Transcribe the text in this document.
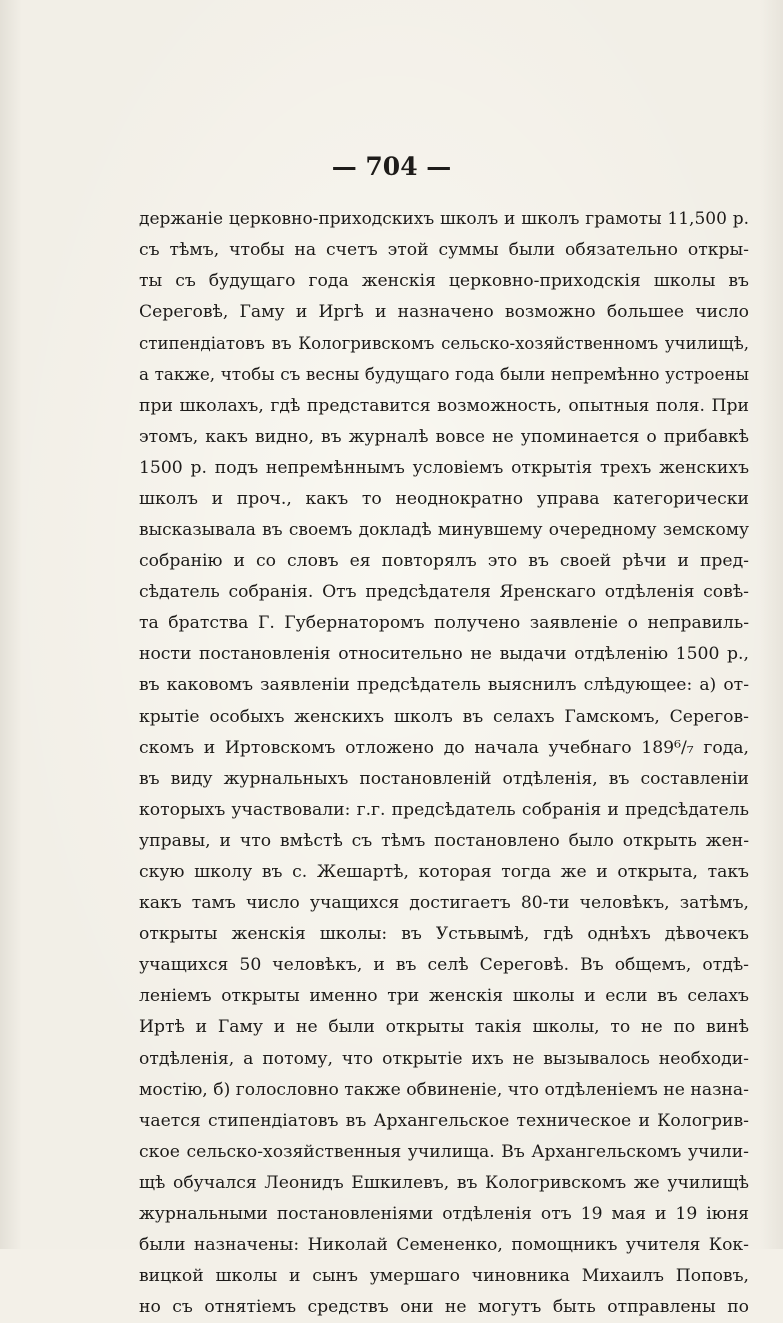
— 704 —
держаніе церковно-приходскихъ школъ и школъ грамоты 11,500 р.
съ тѣмъ, чтобы на счетъ этой суммы были обязательно откры-
ты съ будущаго года женскія церковно-приходскія школы въ
Сереговѣ, Гаму и Иргѣ и назначено возможно большее число
стипендіатовъ въ Кологривскомъ сельско-хозяйственномъ училищѣ,
а также, чтобы съ весны будущаго года были непремѣнно устроены
при школахъ, гдѣ представится возможность, опытныя поля. При
этомъ, какъ видно, въ журналѣ вовсе не упоминается о прибавкѣ
1500 р. подъ непремѣннымъ условіемъ открытія трехъ женскихъ
школъ и проч., какъ то неоднократно управа категорически
высказывала въ своемъ докладѣ минувшему очередному земскому
собранію и со словъ ея повторялъ это въ своей рѣчи и пред-
сѣдатель собранія. Отъ предсѣдателя Яренскаго отдѣленія совѣ-
та братства Г. Губернаторомъ получено заявленіе о неправиль-
ности постановленія относительно не выдачи отдѣленію 1500 р.,
въ каковомъ заявленіи предсѣдатель выяснилъ слѣдующее: а) от-
крытіе особыхъ женскихъ школъ въ селахъ Гамскомъ, Серегов-
скомъ и Иртовскомъ отложено до начала учебнаго 189⁶/₇ года,
въ виду журнальныхъ постановленій отдѣленія, въ составленіи
которыхъ участвовали: г.г. предсѣдатель собранія и предсѣдатель
управы, и что вмѣстѣ съ тѣмъ постановлено было открыть жен-
скую школу въ с. Жешартѣ, которая тогда же и открыта, такъ
какъ тамъ число учащихся достигаетъ 80-ти человѣкъ, затѣмъ,
открыты женскія школы: въ Устьвымѣ, гдѣ однѣхъ дѣвочекъ
учащихся 50 человѣкъ, и въ селѣ Сереговѣ. Въ общемъ, отдѣ-
леніемъ открыты именно три женскія школы и если въ селахъ
Иртѣ и Гаму и не были открыты такія школы, то не по винѣ
отдѣленія, а потому, что открытіе ихъ не вызывалось необходи-
мостію, б) голословно также обвиненіе, что отдѣленіемъ не назна-
чается стипендіатовъ въ Архангельское техническое и Кологрив-
ское сельско-хозяйственныя училища. Въ Архангельскомъ учили-
щѣ обучался Леонидъ Ешкилевъ, въ Кологривскомъ же училищѣ
журнальными постановленіями отдѣленія отъ 19 мая и 19 іюня
были назначены: Николай Семененко, помощникъ учителя Кок-
вицкой школы и сынъ умершаго чиновника Михаилъ Поповъ,
но съ отнятіемъ средствъ они не могутъ быть отправлены по
